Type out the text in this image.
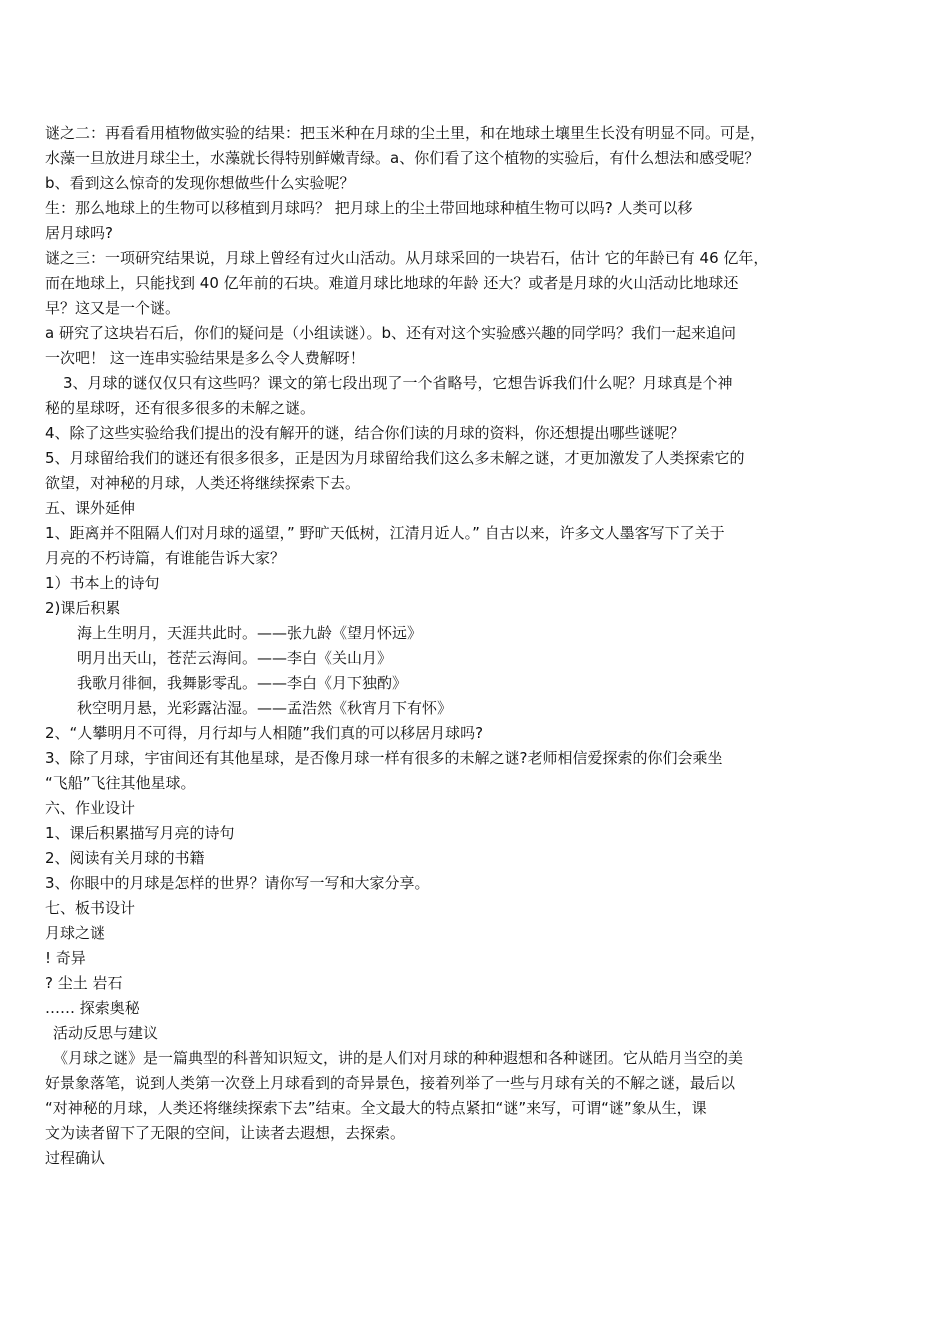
谜之二：再看看用植物做实验的结果：把玉米种在月球的尘土里，和在地球土壤里生长没有明显不同。可是，
水藻一旦放进月球尘土，水藻就长得特别鲜嫩青绿。a、你们看了这个植物的实验后，有什么想法和感受呢？
b、看到这么惊奇的发现你想做些什么实验呢？
生：那么地球上的生物可以移植到月球吗？ 把月球上的尘土带回地球种植生物可以吗? 人类可以移
居月球吗?
谜之三：一项研究结果说，月球上曾经有过火山活动。从月球采回的一块岩石，估计 它的年龄已有 46 亿年，
而在地球上，只能找到 40 亿年前的石块。难道月球比地球的年龄 还大？或者是月球的火山活动比地球还
早？这又是一个谜。
a 研究了这块岩石后，你们的疑问是（小组读谜）。b、还有对这个实验感兴趣的同学吗？我们一起来追问
一次吧！ 这一连串实验结果是多么令人费解呀！
3、月球的谜仅仅只有这些吗？课文的第七段出现了一个省略号，它想告诉我们什么呢？月球真是个神
秘的星球呀，还有很多很多的未解之谜。
4、除了这些实验给我们提出的没有解开的谜，结合你们读的月球的资料，你还想提出哪些谜呢？
5、月球留给我们的谜还有很多很多，正是因为月球留给我们这么多未解之谜，才更加激发了人类探索它的
欲望，对神秘的月球，人类还将继续探索下去。
五、课外延伸
1、距离并不阻隔人们对月球的遥望，” 野旷天低树，江清月近人。” 自古以来，许多文人墨客写下了关于
月亮的不朽诗篇，有谁能告诉大家？
1）书本上的诗句
2)课后积累
海上生明月，天涯共此时。——张九龄《望月怀远》
明月出天山，苍茫云海间。——李白《关山月》
我歌月徘徊，我舞影零乱。——李白《月下独酌》
秋空明月悬，光彩露沾湿。——孟浩然《秋宵月下有怀》
2、“人攀明月不可得，月行却与人相随”我们真的可以移居月球吗?
3、除了月球，宇宙间还有其他星球，是否像月球一样有很多的未解之谜?老师相信爱探索的你们会乘坐
“飞船”飞往其他星球。
六、作业设计
1、课后积累描写月亮的诗句
2、阅读有关月球的书籍
3、你眼中的月球是怎样的世界？请你写一写和大家分享。
七、板书设计
月球之谜
! 奇异
? 尘土 岩石
…… 探索奥秘
活动反思与建议
《月球之谜》是一篇典型的科普知识短文，讲的是人们对月球的种种遐想和各种谜团。它从皓月当空的美
好景象落笔，说到人类第一次登上月球看到的奇异景色，接着列举了一些与月球有关的不解之谜，最后以
“对神秘的月球，人类还将继续探索下去”结束。全文最大的特点紧扣“谜”来写，可谓“谜”象从生，课
文为读者留下了无限的空间，让读者去遐想，去探索。
过程确认
